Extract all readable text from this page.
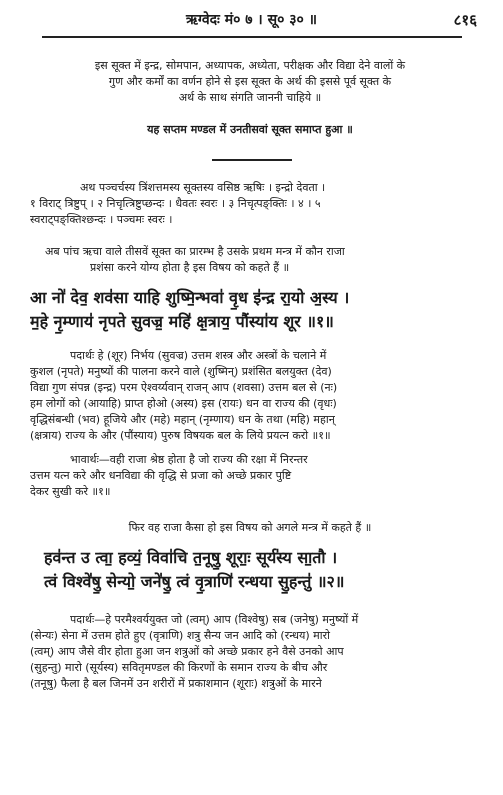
ऋग्वेदः मं० ७ । सू० ३० ॥	८१६
इस सूक्त में इन्द्र, सोमपान, अध्यापक, अध्येता, परीक्षक और विद्या देने वालों के
गुण और कर्मों का वर्णन होने से इस सूक्त के अर्थ की इससे पूर्व सूक्त के
अर्थ के साथ संगति जाननी चाहिये ॥
यह सप्तम मण्डल में उनतीसवां सूक्त समाप्त हुआ ॥
अथ पञ्चर्चस्य त्रिंशत्तमस्य सूक्तस्य वसिष्ठ ऋषिः । इन्द्रो देवता ।
१ विराट् त्रिष्टुप् । २ निचृत्त्रिष्टुप्छन्दः । धैवतः स्वरः । ३ निचृत्पङ्क्तिः । ४ । ५
स्वराट्पङ्क्तिश्छन्दः । पञ्चमः स्वरः ।
अब पांच ऋचा वाले तीसवें सूक्त का प्रारम्भ है उसके प्रथम मन्त्र में कौन राजा
प्रशंसा करने योग्य होता है इस विषय को कहते हैं ॥
आ नो॑ देव॒ शव॑सा याहि शुष्मि॒न्भवा॑ वृ॒ध इ॑न्द्र रा॒यो अ॒स्य ।
म॒हे नृ॒म्णाय॑ नृपते सुवज्र॒ महि॑ क्ष॒त्राय॒ पौंस्या॑य शूर ॥१॥
पदार्थः हे (शूर) निर्भय (सुवज्र) उत्तम शस्त्र और अस्त्रों के चलाने में
कुशल (नृपते) मनुष्यों की पालना करने वाले (शुष्मिन्) प्रशंसित बलयुक्त (देव)
विद्या गुण संपन्न (इन्द्र) परम ऐश्वर्य्यवान् राजन् आप (शवसा) उत्तम बल से (नः)
हम लोगों को (आयाहि) प्राप्त होओ (अस्य) इस (रायः) धन वा राज्य की (वृधः)
वृद्धिसंबन्धी (भव) हूजिये और (महे) महान् (नृम्णाय) धन के तथा (महि) महान्
(क्षत्राय) राज्य के और (पौंस्याय) पुरुष विषयक बल के लिये प्रयत्न करो ॥१॥
भावार्थः—वही राजा श्रेष्ठ होता है जो राज्य की रक्षा में निरन्तर
उत्तम यत्न करे और धनविद्या की वृद्धि से प्रजा को अच्छे प्रकार पुष्टि
देकर सुखी करे ॥१॥
फिर वह राजा कैसा हो इस विषय को अगले मन्त्र में कहते हैं ॥
हव॑न्त उ त्वा॒ हव्यं॒ विवा॑चि त॒नूषु॒ शूराः॒ सूर्य॑स्य सा॒तौ ।
त्वं विश्वे॑षु॒ सेन्यो॒ जने॑षु॒ त्वं वृ॒त्राणि॑ रन्धया सु॒हन्तु॑ ॥२॥
पदार्थः—हे परमैश्वर्ययुक्त जो (त्वम्) आप (विश्वेषु) सब (जनेषु) मनुष्यों में
(सेन्यः) सेना में उत्तम होते हुए (वृत्राणि) शत्रु सैन्य जन आदि को (रन्धय) मारो
(त्वम्) आप जैसे वीर होता हुआ जन शत्रुओं को अच्छे प्रकार हने वैसे उनको आप
(सुहन्तु) मारो (सूर्यस्य) सवितृमण्डल की किरणों के समान राज्य के बीच और
(तनूषु) फैला है बल जिनमें उन शरीरों में प्रकाशमान (शूराः) शत्रुओं के मारने
